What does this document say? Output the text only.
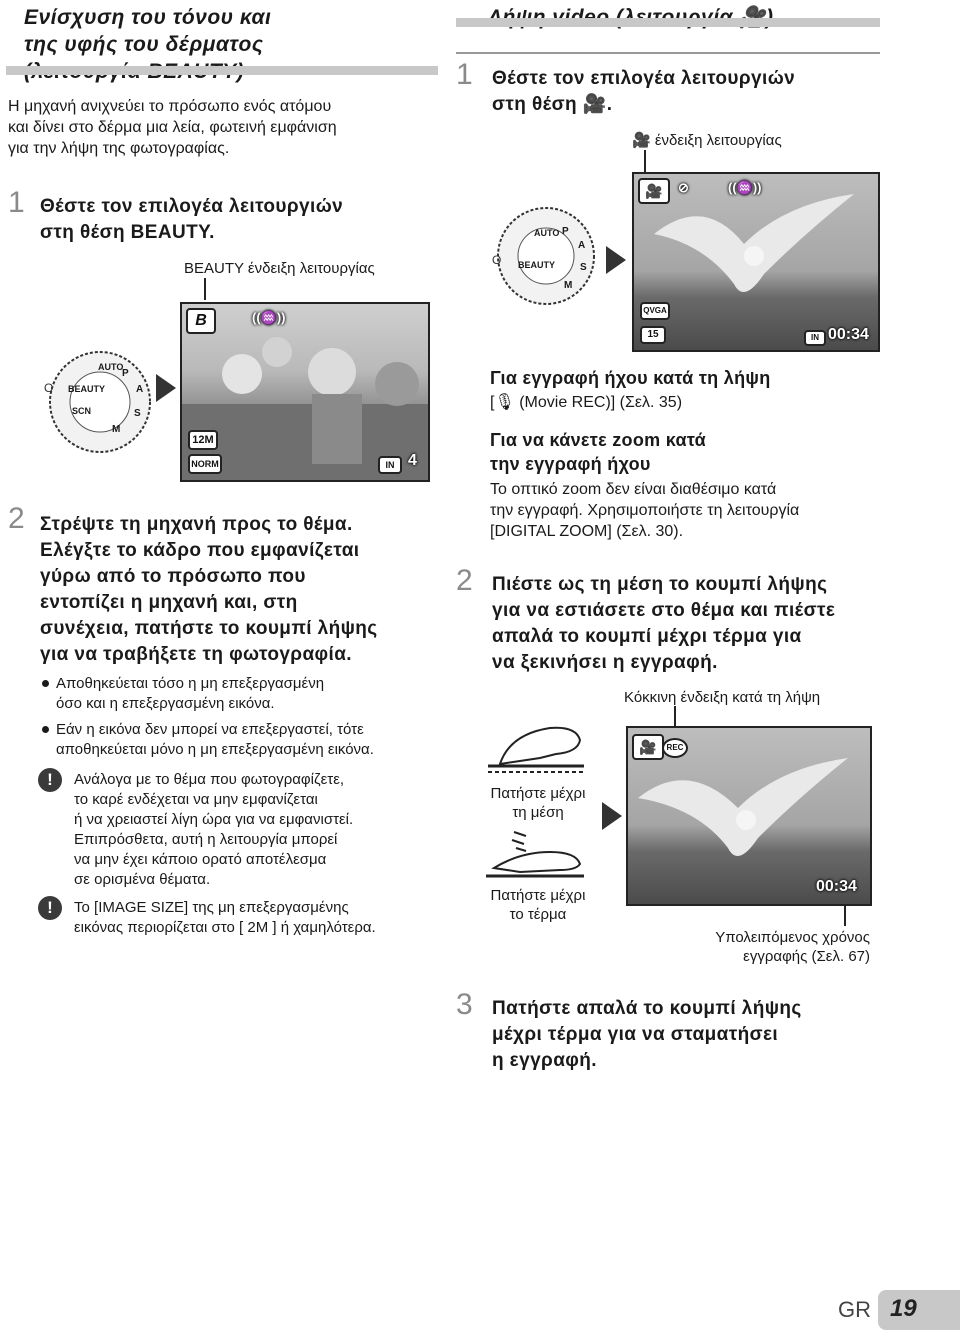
Ενίσχυση του τόνου και
της υφής του δέρματος
Η μηχανή ανιχνεύει το πρόσωπο ενός ατόμου
και δίνει στο δέρμα μια λεία, φωτεινή εμφάνιση
για την λήψη της φωτογραφίας.
1 Θέστε τον επιλογέα λειτουργιών
στη θέση BEAUTY.
BEAUTY ένδειξη λειτουργίας
O BEAUTY
SCN
AUTO
P
A
S
M
B	((♒))
12M
NORM	IN 4
2 Στρέψτε τη μηχανή προς το θέμα.
Ελέγξτε το κάδρο που εμφανίζεται
γύρω από το πρόσωπο που
εντοπίζει η μηχανή και, στη
συνέχεια, πατήστε το κουμπί λήψης
για να τραβήξετε τη φωτογραφία.
Αποθηκεύεται τόσο η μη επεξεργασμένη
όσο και η επεξεργασμένη εικόνα.
Εάν η εικόνα δεν μπορεί να επεξεργαστεί, τότε
αποθηκεύεται μόνο η μη επεξεργασμένη εικόνα.
!	Ανάλογα με το θέμα που φωτογραφίζετε,
το καρέ ενδέχεται να μην εμφανίζεται
ή να χρειαστεί λίγη ώρα για να εμφανιστεί.
Επιπρόσθετα, αυτή η λειτουργία μπορεί
να μην έχει κάποιο ορατό αποτέλεσμα
σε ορισμένα θέματα.
!	Το [IMAGE SIZE] της μη επεξεργασμένης
εικόνας περιορίζεται στο [ 2M ] ή χαμηλότερα.
1 Θέστε τον επιλογέα λειτουργιών
στη θέση 🎥.
🎥 ένδειξη λειτουργίας
O BEAUTY
AUTO P
A
S
M
🎥	⊘	((♒))
QVGA
15	IN 00:34
Για εγγραφή ήχου κατά τη λήψη
[🎙 (Movie REC)] (Σελ. 35)
Για να κάνετε zoom κατά
την εγγραφή ήχου
Το οπτικό zoom δεν είναι διαθέσιμο κατά
την εγγραφή. Χρησιμοποιήστε τη λειτουργία
[DIGITAL ZOOM] (Σελ. 30).
2 Πιέστε ως τη μέση το κουμπί λήψης
για να εστιάσετε στο θέμα και πιέστε
απαλά το κουμπί μέχρι τέρμα για
να ξεκινήσει η εγγραφή.
Κόκκινη ένδειξη κατά τη λήψη
Πατήστε μέχρι
τη μέση
Πατήστε μέχρι
το τέρμα
🎥	REC
00:34
Υπολειπόμενος χρόνος
εγγραφής (Σελ. 67)
3 Πατήστε απαλά το κουμπί λήψης
μέχρι τέρμα για να σταματήσει
η εγγραφή.
GR 19
